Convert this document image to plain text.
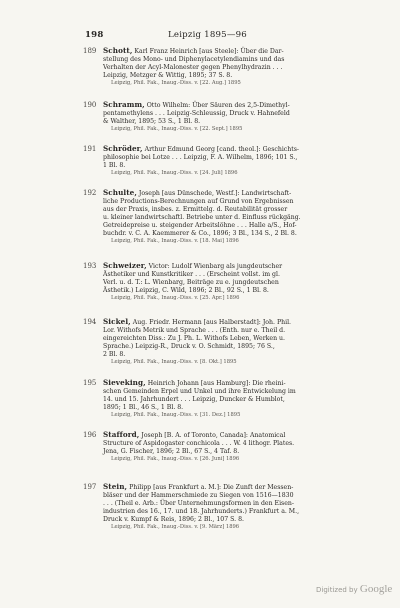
198	Leipzig 1895—96
189 Schott, Karl Franz Heinrich [aus Steele]: Über die Dar-

stellung des Mono- und Diphenylacetylendiamins und das

Verhalten der Acyl-Malonester gegen Phenylhydrazin . . .

Leipzig, Metzger & Wittig, 1895; 37 S. 8.

Leipzig, Phil. Fak., Inaug.-Diss. v. [22. Aug.] 1895

190 Schramm, Otto Wilhelm: Über Säuren des 2,5-Dimethyl-

pentamethylens . . . Leipzig-Schleussig, Druck v. Hahnefeld

& Walther, 1895; 53 S., 1 Bl. 8.

Leipzig, Phil. Fak., Inaug.-Diss. v. [22. Sept.] 1895

191 Schröder, Arthur Edmund Georg [cand. theol.]: Geschichts-

philosophie bei Lotze . . . Leipzig, F. A. Wilhelm, 1896; 101 S.,

1 Bl. 8.

Leipzig, Phil. Fak., Inaug.-Diss. v. [24. Juli] 1896

192 Schulte, Joseph [aus Dünschede, Westf.]: Landwirtschaft-

liche Productions-Berechnungen auf Grund von Ergebnissen

aus der Praxis, insbes. z. Ermittelg. d. Reutabilität grosser

u. kleiner landwirtschaftl. Betriebe unter d. Einfluss rückgäng.

Getreidepreise u. steigender Arbeitslöhne . . . Halle a/S., Hof-

buchdr. v. C. A. Kaemmerer & Co., 1896; 3 Bl., 134 S., 2 Bl. 8.

Leipzig, Phil. Fak., Inaug.-Diss. v. [18. Mai] 1896

193 Schweizer, Victor: Ludolf Wienbarg als jungdeutscher

Ästhetiker und Kunstkritiker . . . (Erscheint vollst. im gl.

Verl. u. d. T.: L. Wienbarg, Beiträge zu e. jungdeutschen

Ästhetik.) Leipzig, C. Wild, 1896; 2 Bl., 92 S., 1 Bl. 8.

Leipzig, Phil. Fak., Inaug.-Diss. v. [25. Apr.] 1896

194 Sickel, Aug. Friedr. Hermann [aus Halberstadt]: Joh. Phil.

Lor. Withofs Metrik und Sprache . . . (Enth. nur e. Theil d.

eingereichten Diss.: Zu J. Ph. L. Withofs Leben, Werken u.

Sprache.) Leipzig-R., Druck v. O. Schmidt, 1895; 76 S.,

2 Bl. 8.

Leipzig, Phil. Fak., Inaug.-Diss. v. [8. Okt.] 1895

195 Sieveking, Heinrich Johann [aus Hamburg]: Die rheini-

schen Gemeinden Erpel und Unkel und ihre Entwickelung im

14. und 15. Jahrhundert . . . Leipzig, Duncker & Humblot,

1895; 1 Bl., 46 S., 1 Bl. 8.

Leipzig, Phil. Fak., Inaug.-Diss. v. [31. Dez.] 1895

196 Stafford, Joseph [B. A. of Toronto, Canada]: Anatomical

Structure of Aspidogaster conchicola . . . W. 4 lithogr. Plates.

Jena, G. Fischer, 1896; 2 Bl., 67 S., 4 Taf. 8.

Leipzig, Phil. Fak., Inaug.-Diss. v. [26. Juni] 1896

197 Stein, Philipp [aus Frankfurt a. M.]: Die Zunft der Messen-

bläser und der Hammerschmiede zu Siegen von 1516—1830

. . . (Theil e. Arb.: Über Unternehmungsformen in den Eisen-

industrien des 16., 17. und 18. Jahrhunderts.) Frankfurt a. M.,

Druck v. Kumpf & Reis, 1896; 2 Bl., 107 S. 8.

Leipzig, Phil. Fak., Inaug.-Diss. v. [9. März] 1896

Digitized by Google
